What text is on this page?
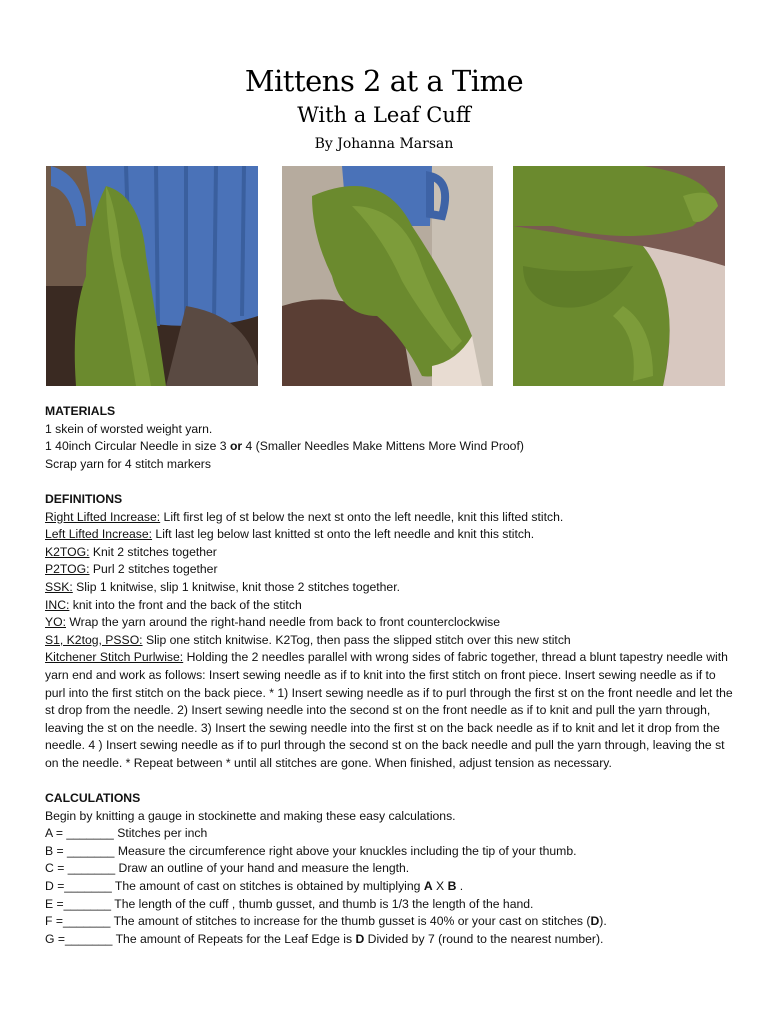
Mittens 2 at a Time
With a Leaf Cuff
By Johanna Marsan

MATERIALS

1 skein of worsted weight yarn.

1 40inch Circular Needle in size 3 or 4 (Smaller Needles Make Mittens More Wind Proof)

Scrap yarn for 4 stitch markers

DEFINITIONS

Right Lifted Increase: Lift first leg of st below the next st onto the left needle, knit this lifted stitch.

Left Lifted Increase: Lift last leg below last knitted st onto the left needle and knit this stitch.

K2TOG: Knit 2 stitches together

P2TOG: Purl 2 stitches together

SSK: Slip 1 knitwise, slip 1 knitwise, knit those 2 stitches together.

INC: knit into the front and the back of the stitch

YO: Wrap the yarn around the right-hand needle from back to front counterclockwise

S1, K2tog, PSSO: Slip one stitch knitwise. K2Tog, then pass the slipped stitch over this new stitch

Kitchener Stitch Purlwise: Holding the 2 needles parallel with wrong sides of fabric together, thread a blunt tapestry needle with yarn end and work as follows: Insert sewing needle as if to knit into the first stitch on front piece. Insert sewing needle as if to purl into the first stitch on the back piece. * 1) Insert sewing needle as if to purl through the first st on the front needle and let the st drop from the needle. 2) Insert sewing needle into the second st on the front needle as if to knit and pull the yarn through, leaving the st on the needle. 3) Insert the sewing needle into the first st on the back needle as if to knit and let it drop from the needle. 4 ) Insert sewing needle as if to purl through the second st on the back needle and pull the yarn through, leaving the st on the needle. * Repeat between * until all stitches are gone. When finished, adjust tension as necessary.

CALCULATIONS

Begin by knitting a gauge in stockinette and making these easy calculations.

A = _______ Stitches per inch

B = _______ Measure the circumference right above your knuckles including the tip of your thumb.

C = _______ Draw an outline of your hand and measure the length.

D =_______ The amount of cast on stitches is obtained by multiplying A X B .

E =_______ The length of the cuff , thumb gusset, and thumb is 1/3 the length of the hand.

F =_______ The amount of stitches to increase for the thumb gusset is 40% or your cast on stitches (D).

G =_______ The amount of Repeats for the Leaf Edge is D Divided by 7 (round to the nearest number).
